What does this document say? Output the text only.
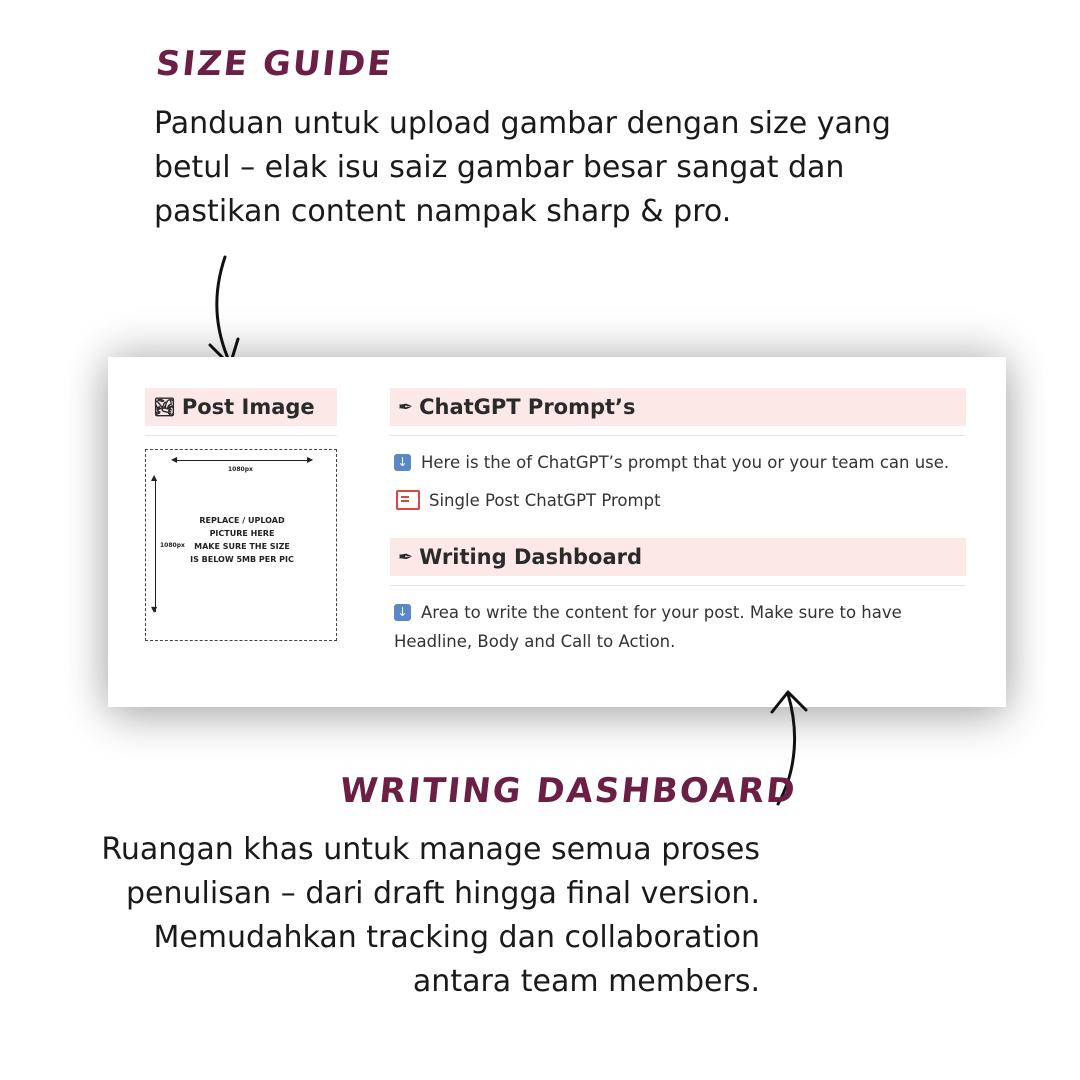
SIZE GUIDE

Panduan untuk upload gambar dengan size yang betul – elak isu saiz gambar besar sangat dan pastikan content nampak sharp & pro.

🏞 Post Image
◀	▶
1080px
▲
▼
1080px
REPLACE / UPLOAD
PICTURE HERE
MAKE SURE THE SIZE
IS BELOW 5MB PER PIC
✒ ChatGPT Prompt’s
↓ Here is the of ChatGPT’s prompt that you or your team can use.
Single Post ChatGPT Prompt
✒ Writing Dashboard
↓ Area to write the content for your post. Make sure to have
Headline, Body and Call to Action.
WRITING DASHBOARD

Ruangan khas untuk manage semua proses penulisan – dari draft hingga final version. Memudahkan tracking dan collaboration antara team members.
